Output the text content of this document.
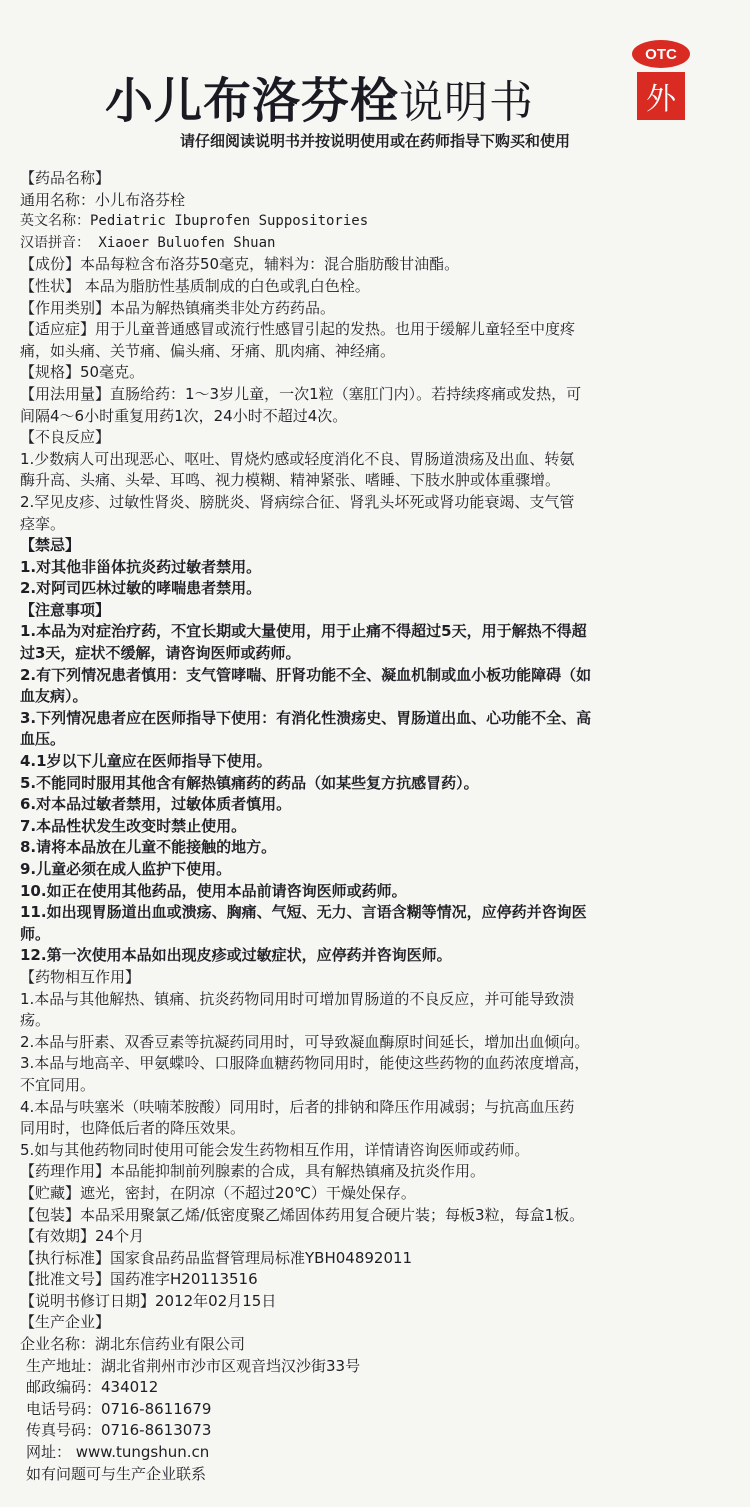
小儿布洛芬栓说明书
OTC
外
请仔细阅读说明书并按说明使用或在药师指导下购买和使用
【药品名称】
通用名称：小儿布洛芬栓
英文名称：Pediatric Ibuprofen Suppositories
汉语拼音： Xiaoer Buluofen Shuan
【成份】本品每粒含布洛芬50毫克，辅料为：混合脂肪酸甘油酯。
【性状】 本品为脂肪性基质制成的白色或乳白色栓。
【作用类别】本品为解热镇痛类非处方药药品。
【适应症】用于儿童普通感冒或流行性感冒引起的发热。也用于缓解儿童轻至中度疼
痛，如头痛、关节痛、偏头痛、牙痛、肌肉痛、神经痛。
【规格】50毫克。
【用法用量】直肠给药：1～3岁儿童，一次1粒（塞肛门内）。若持续疼痛或发热，可
间隔4～6小时重复用药1次，24小时不超过4次。
【不良反应】
1.少数病人可出现恶心、呕吐、胃烧灼感或轻度消化不良、胃肠道溃疡及出血、转氨
酶升高、头痛、头晕、耳鸣、视力模糊、精神紧张、嗜睡、下肢水肿或体重骤增。
2.罕见皮疹、过敏性肾炎、膀胱炎、肾病综合征、肾乳头坏死或肾功能衰竭、支气管
痉挛。
【禁忌】
1.对其他非甾体抗炎药过敏者禁用。
2.对阿司匹林过敏的哮喘患者禁用。
【注意事项】
1.本品为对症治疗药，不宜长期或大量使用，用于止痛不得超过5天，用于解热不得超
过3天，症状不缓解，请咨询医师或药师。
2.有下列情况患者慎用：支气管哮喘、肝肾功能不全、凝血机制或血小板功能障碍（如
血友病）。
3.下列情况患者应在医师指导下使用：有消化性溃疡史、胃肠道出血、心功能不全、高
血压。
4.1岁以下儿童应在医师指导下使用。
5.不能同时服用其他含有解热镇痛药的药品（如某些复方抗感冒药）。
6.对本品过敏者禁用，过敏体质者慎用。
7.本品性状发生改变时禁止使用。
8.请将本品放在儿童不能接触的地方。
9.儿童必须在成人监护下使用。
10.如正在使用其他药品，使用本品前请咨询医师或药师。
11.如出现胃肠道出血或溃疡、胸痛、气短、无力、言语含糊等情况，应停药并咨询医
师。
12.第一次使用本品如出现皮疹或过敏症状，应停药并咨询医师。
【药物相互作用】
1.本品与其他解热、镇痛、抗炎药物同用时可增加胃肠道的不良反应，并可能导致溃
疡。
2.本品与肝素、双香豆素等抗凝药同用时，可导致凝血酶原时间延长，增加出血倾向。
3.本品与地高辛、甲氨蝶呤、口服降血糖药物同用时，能使这些药物的血药浓度增高，
不宜同用。
4.本品与呋塞米（呋喃苯胺酸）同用时，后者的排钠和降压作用减弱；与抗高血压药
同用时，也降低后者的降压效果。
5.如与其他药物同时使用可能会发生药物相互作用，详情请咨询医师或药师。
【药理作用】本品能抑制前列腺素的合成，具有解热镇痛及抗炎作用。
【贮藏】遮光，密封，在阴凉（不超过20℃）干燥处保存。
【包装】本品采用聚氯乙烯/低密度聚乙烯固体药用复合硬片装；每板3粒，每盒1板。
【有效期】24个月
【执行标准】国家食品药品监督管理局标准YBH04892011
【批准文号】国药准字H20113516
【说明书修订日期】2012年02月15日
【生产企业】
企业名称：湖北东信药业有限公司
生产地址：湖北省荆州市沙市区观音垱汉沙街33号
邮政编码：434012
电话号码：0716-8611679
传真号码：0716-8613073
网址： www.tungshun.cn
如有问题可与生产企业联系
